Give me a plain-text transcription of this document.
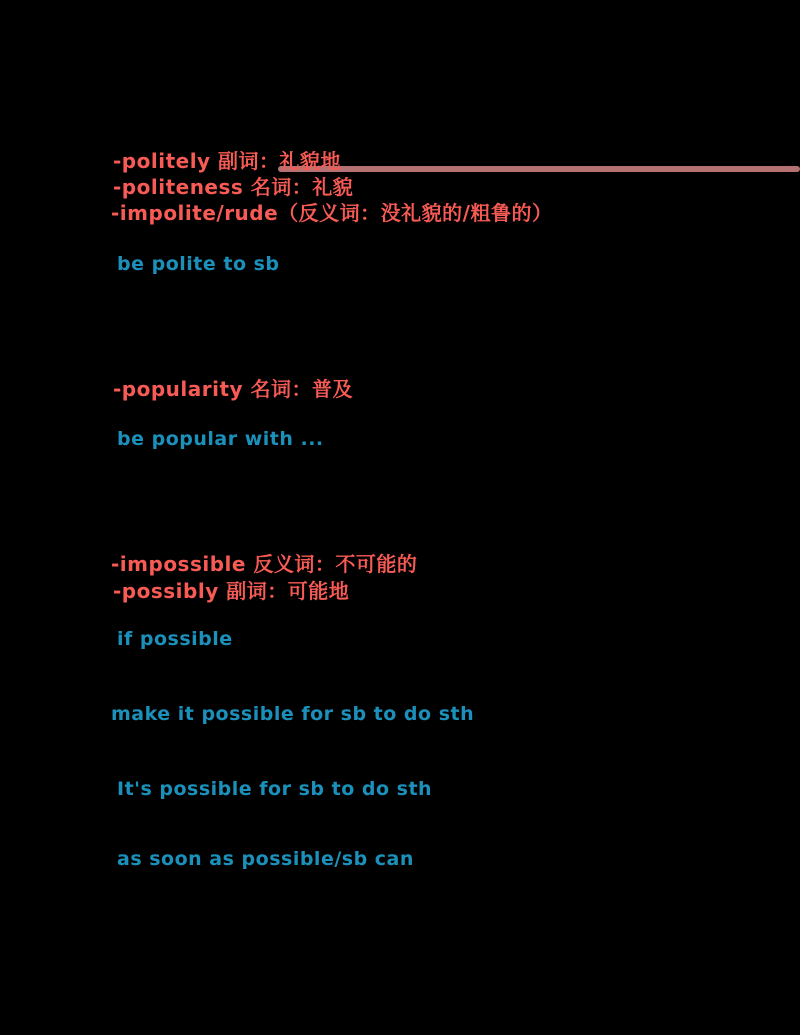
-politely 副词：礼貌地
-politeness 名词：礼貌
-impolite/rude（反义词：没礼貌的/粗鲁的）
be polite to sb
-popularity 名词：普及
be popular with ...
-impossible 反义词：不可能的
-possibly 副词：可能地
if possible
make it possible for sb to do sth
It's possible for sb to do sth
as soon as possible/sb can
